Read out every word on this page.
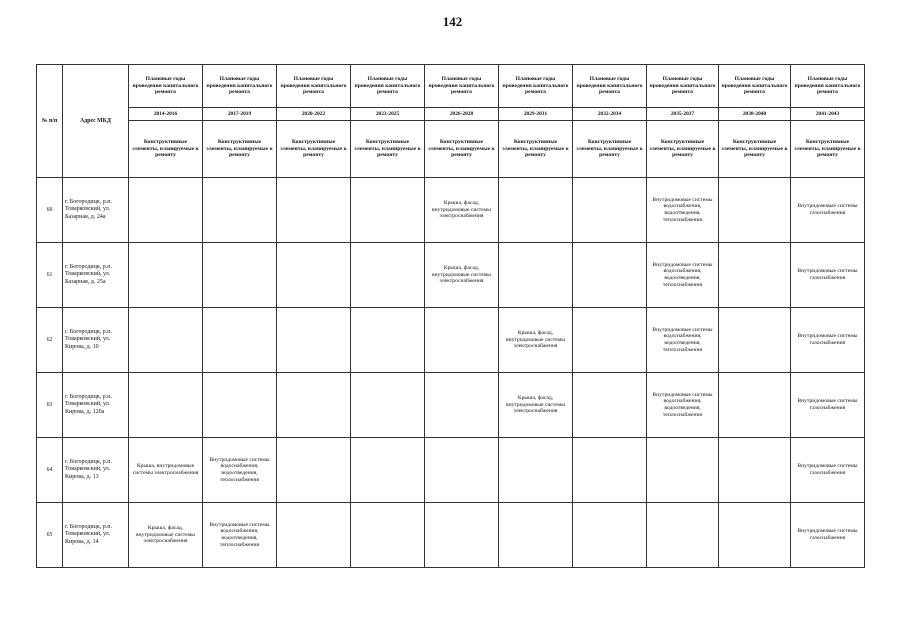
142
№ п/п	Адрес МКД	Плановые годы проведения капитального ремонта	Плановые годы проведения капитального ремонта	Плановые годы проведения капитального ремонта	Плановые годы проведения капитального ремонта	Плановые годы проведения капитального ремонта	Плановые годы проведения капитального ремонта	Плановые годы проведения капитального ремонта	Плановые годы проведения капитального ремонта	Плановые годы проведения капитального ремонта	Плановые годы проведения капитального ремонта
		2014-2016	2017-2019	2020-2022	2023-2025	2026-2028	2029-2031	2032-2034	2035-2037	2038-2040	2041-2043
		Конструктивные элементы, планируемые к ремонту	Конструктивные элементы, планируемые к ремонту	Конструктивные элементы, планируемые к ремонту	Конструктивные элементы, планируемые к ремонту	Конструктивные элементы, планируемые к ремонту	Конструктивные элементы, планируемые к ремонту	Конструктивные элементы, планируемые к ремонту	Конструктивные элементы, планируемые к ремонту	Конструктивные элементы, планируемые к ремонту	Конструктивные элементы, планируемые к ремонту
60	г. Богородицк, р.п. Товарковский, ул. Базарная, д. 24а					Крыша, фасад, внутридомовые системы электроснабжения			Внутридомовые системы водоснабжения, водоотведения, теплоснабжения		Внутридомовые системы газоснабжения
61	г. Богородицк, р.п. Товарковский, ул. Базарная, д. 25а					Крыша, фасад, внутридомовые системы электроснабжения			Внутридомовые системы водоснабжения, водоотведения, теплоснабжения		Внутридомовые системы газоснабжения
62	г. Богородицк, р.п. Товарковский, ул. Кирова, д. 10						Крыша, фасад, внутридомовые системы электроснабжения		Внутридомовые системы водоснабжения, водоотведения, теплоснабжения		Внутридомовые системы газоснабжения
63	г. Богородицк, р.п. Товарковский, ул. Кирова, д. 120а						Крыша, фасад, внутридомовые системы электроснабжения		Внутридомовые системы водоснабжения, водоотведения, теплоснабжения		Внутридомовые системы газоснабжения
64	г. Богородицк, р.п. Товарковский, ул. Кирова, д. 13	Крыша, внутридомовые системы электроснабжения	Внутридомовые системы водоснабжения, водоотведения, теплоснабжения								Внутридомовые системы газоснабжения
65	г. Богородицк, р.п. Товарковский, ул. Кирова, д. 14	Крыша, фасад, внутридомовые системы электроснабжения	Внутридомовые системы водоснабжения, водоотведения, теплоснабжения								Внутридомовые системы газоснабжения
